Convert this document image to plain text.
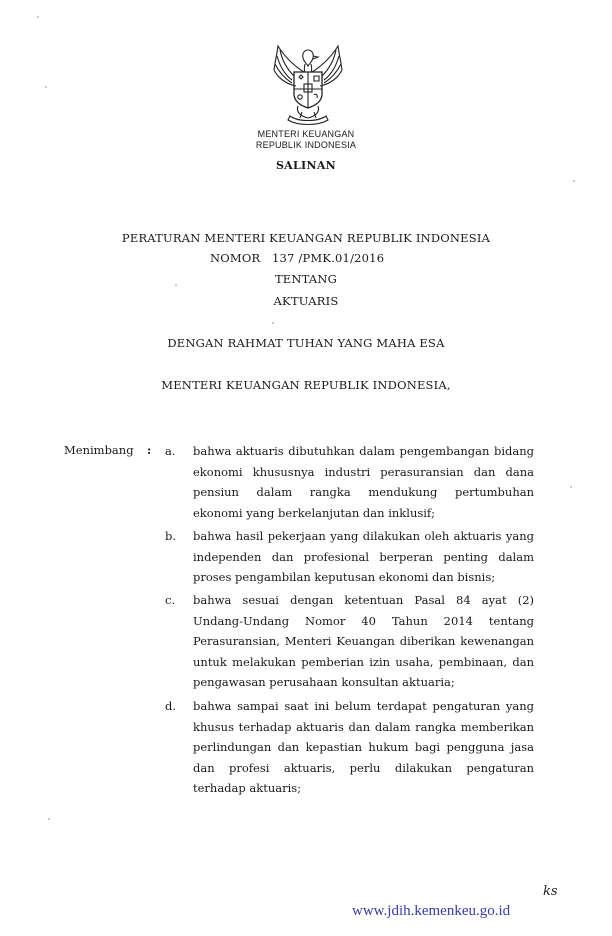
MENTERI KEUANGAN
REPUBLIK INDONESIA
SALINAN
PERATURAN MENTERI KEUANGAN REPUBLIK INDONESIA
NOMOR 137 /PMK.01/2016
TENTANG
AKTUARIS
DENGAN RAHMAT TUHAN YANG MAHA ESA
MENTERI KEUANGAN REPUBLIK INDONESIA,
Menimbang : a. bahwa aktuaris dibutuhkan dalam pengembangan bidang
ekonomi khususnya industri perasuransian dan dana
pensiun dalam rangka mendukung pertumbuhan
ekonomi yang berkelanjutan dan inklusif;
b. bahwa hasil pekerjaan yang dilakukan oleh aktuaris yang
independen dan profesional berperan penting dalam
proses pengambilan keputusan ekonomi dan bisnis;
c. bahwa sesuai dengan ketentuan Pasal 84 ayat (2)
Undang-Undang Nomor 40 Tahun 2014 tentang
Perasuransian, Menteri Keuangan diberikan kewenangan
untuk melakukan pemberian izin usaha, pembinaan, dan
pengawasan perusahaan konsultan aktuaria;
d. bahwa sampai saat ini belum terdapat pengaturan yang
khusus terhadap aktuaris dan dalam rangka memberikan
perlindungan dan kepastian hukum bagi pengguna jasa
dan profesi aktuaris, perlu dilakukan pengaturan
terhadap aktuaris;
ks
www.jdih.kemenkeu.go.id
